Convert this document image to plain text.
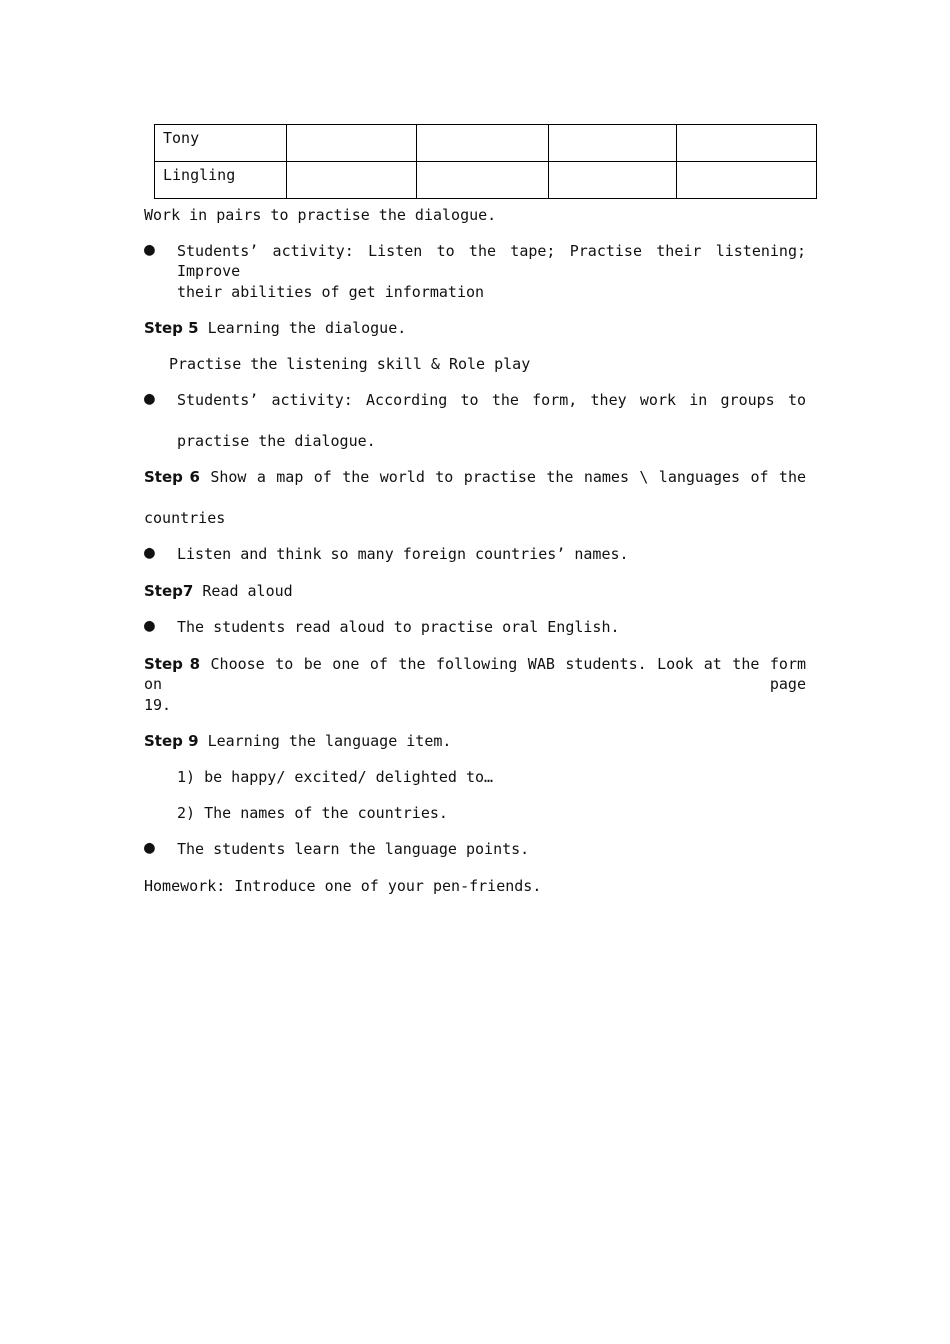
Tony				
Lingling				
Work in pairs to practise the dialogue.
● Students’ activity: Listen to the tape; Practise their listening; Improve
their abilities of get information
Step 5 Learning the dialogue.
Practise the listening skill & Role play
● Students’ activity: According to the form, they work in groups to
practise the dialogue.
Step 6 Show a map of the world to practise the names \ languages of the
countries
● Listen and think so many foreign countries’ names.
Step7 Read aloud
● The students read aloud to practise oral English.
Step 8 Choose to be one of the following WAB students. Look at the form on page
19.
Step 9 Learning the language item.
1) be happy/ excited/ delighted to…
2) The names of the countries.
● The students learn the language points.
Homework: Introduce one of your pen-friends.
